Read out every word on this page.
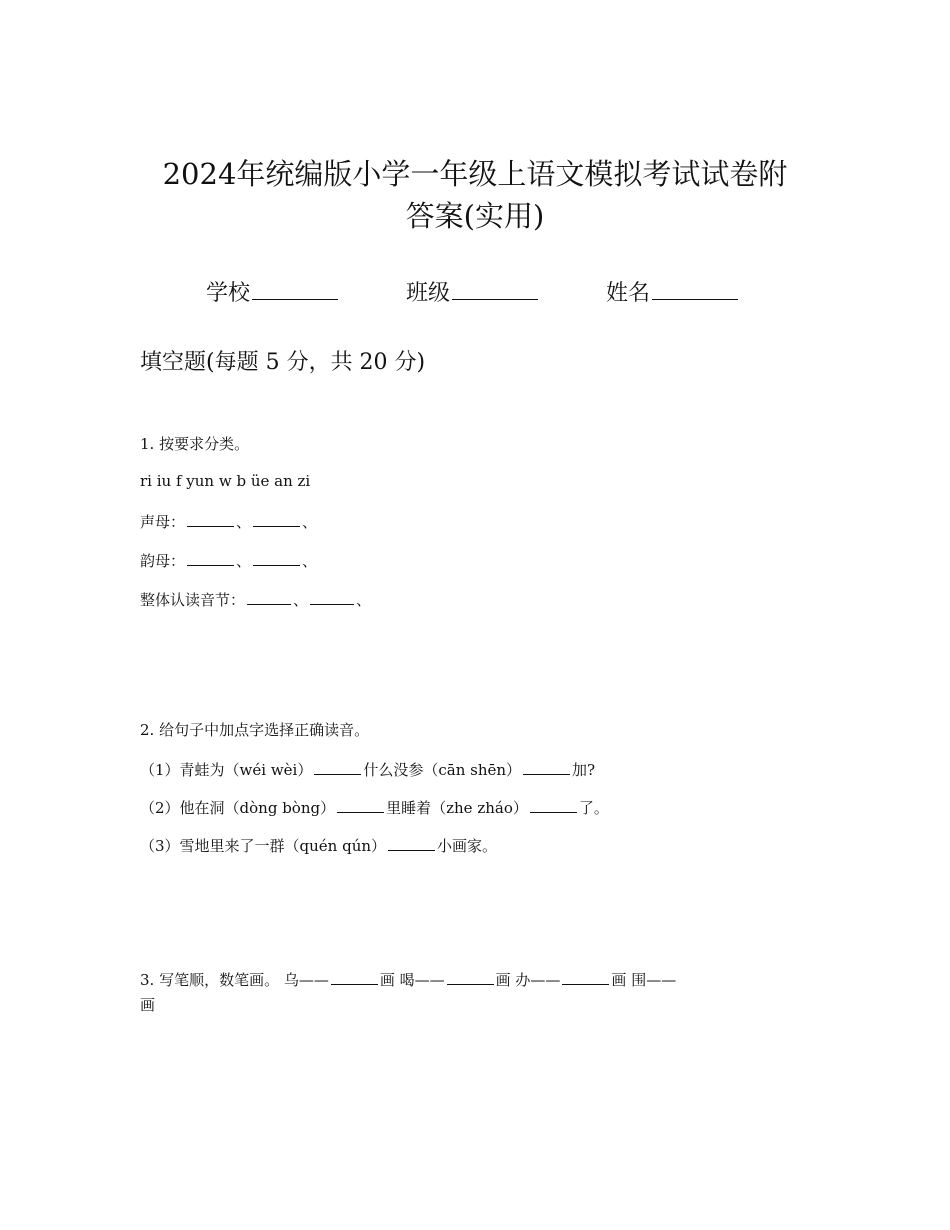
2024年统编版小学一年级上语文模拟考试试卷附
答案(实用)
学校	班级	姓名
填空题(每题 5 分，共 20 分)
1. 按要求分类。
ri iu f yun w b üe an zi
声母：	、	、
韵母：	、	、
整体认读音节：	、	、
2. 给句子中加点字选择正确读音。
（1）青蛙为（wéi wèi）	什么没参（cān shēn）	加?
（2）他在洞（dòng bòng）	里睡着（zhe zháo）	了。
（3）雪地里来了一群（quén qún）	小画家。
3. 写笔顺，数笔画。 乌——	画 喝——	画 办——	画 围——
画
